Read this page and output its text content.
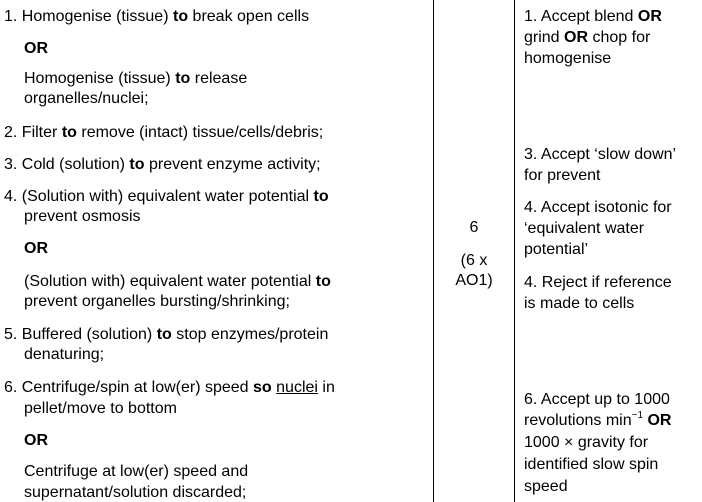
1. Homogenise (tissue) to break open cells
OR
Homogenise (tissue) to release
organelles/nuclei;
2. Filter to remove (intact) tissue/cells/debris;
3. Cold (solution) to prevent enzyme activity;
4. (Solution with) equivalent water potential to
prevent osmosis
OR
(Solution with) equivalent water potential to
prevent organelles bursting/shrinking;
5. Buffered (solution) to stop enzymes/protein
denaturing;
6. Centrifuge/spin at low(er) speed so nuclei in
pellet/move to bottom
OR
Centrifuge at low(er) speed and
supernatant/solution discarded;
6
(6 x
AO1)
1. Accept blend OR
grind OR chop for
homogenise
3. Accept ‘slow down’
for prevent
4. Accept isotonic for
‘equivalent water
potential’
4. Reject if reference
is made to cells
6. Accept up to 1000
revolutions $\min^{-1}$ OR
1000 × gravity for
identified slow spin
speed
